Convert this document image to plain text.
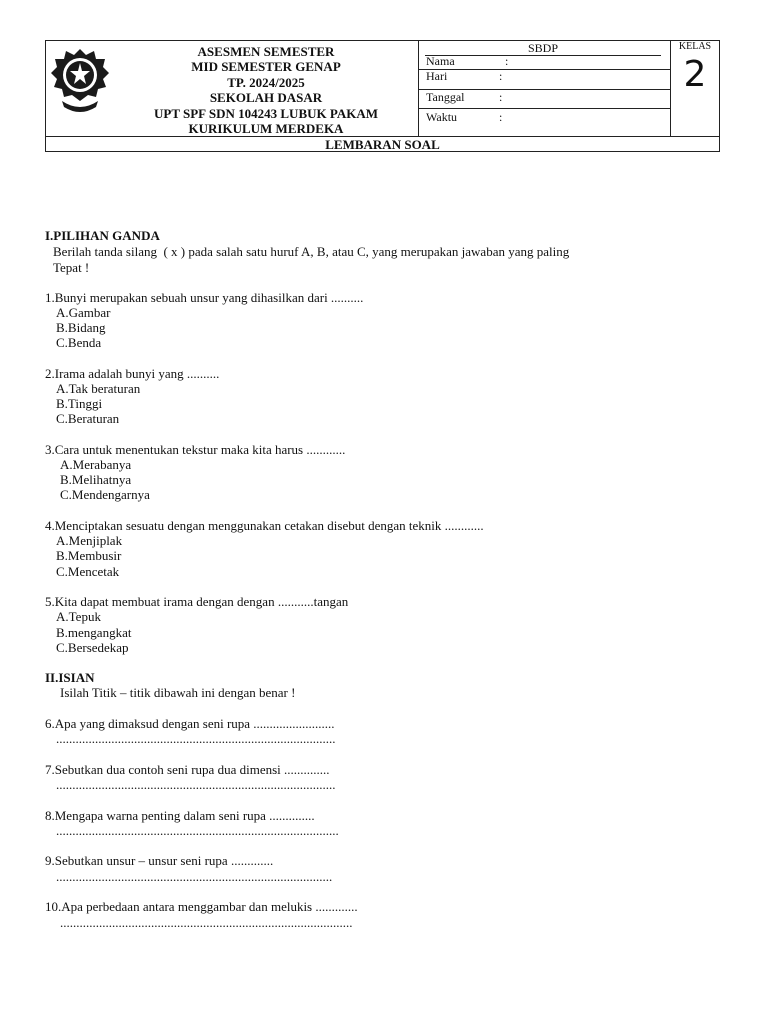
ASESMEN SEMESTER
MID SEMESTER GENAP
TP. 2024/2025
SEKOLAH DASAR
UPT SPF SDN 104243 LUBUK PAKAM
KURIKULUM MERDEKA
SBDP
Nama	:
Hari	:
Tanggal	:
Waktu	:
KELAS
2
LEMBARAN SOAL
I.PILIHAN GANDA
Berilah tanda silang  ( x ) pada salah satu huruf A, B, atau C, yang merupakan jawaban yang paling
Tepat !
1.Bunyi merupakan sebuah unsur yang dihasilkan dari ..........
A.Gambar
B.Bidang
C.Benda
2.Irama adalah bunyi yang ..........
A.Tak beraturan
B.Tinggi
C.Beraturan
3.Cara untuk menentukan tekstur maka kita harus ............
A.Merabanya
B.Melihatnya
C.Mendengarnya
4.Menciptakan sesuatu dengan menggunakan cetakan disebut dengan teknik ............
A.Menjiplak
B.Membusir
C.Mencetak
5.Kita dapat membuat irama dengan dengan ...........tangan
A.Tepuk
B.mengangkat
C.Bersedekap
II.ISIAN
Isilah Titik – titik dibawah ini dengan benar !
6.Apa yang dimaksud dengan seni rupa .........................
......................................................................................
7.Sebutkan dua contoh seni rupa dua dimensi ..............
......................................................................................
8.Mengapa warna penting dalam seni rupa ..............
.......................................................................................
9.Sebutkan unsur – unsur seni rupa .............
.....................................................................................
10.Apa perbedaan antara menggambar dan melukis .............
..........................................................................................
